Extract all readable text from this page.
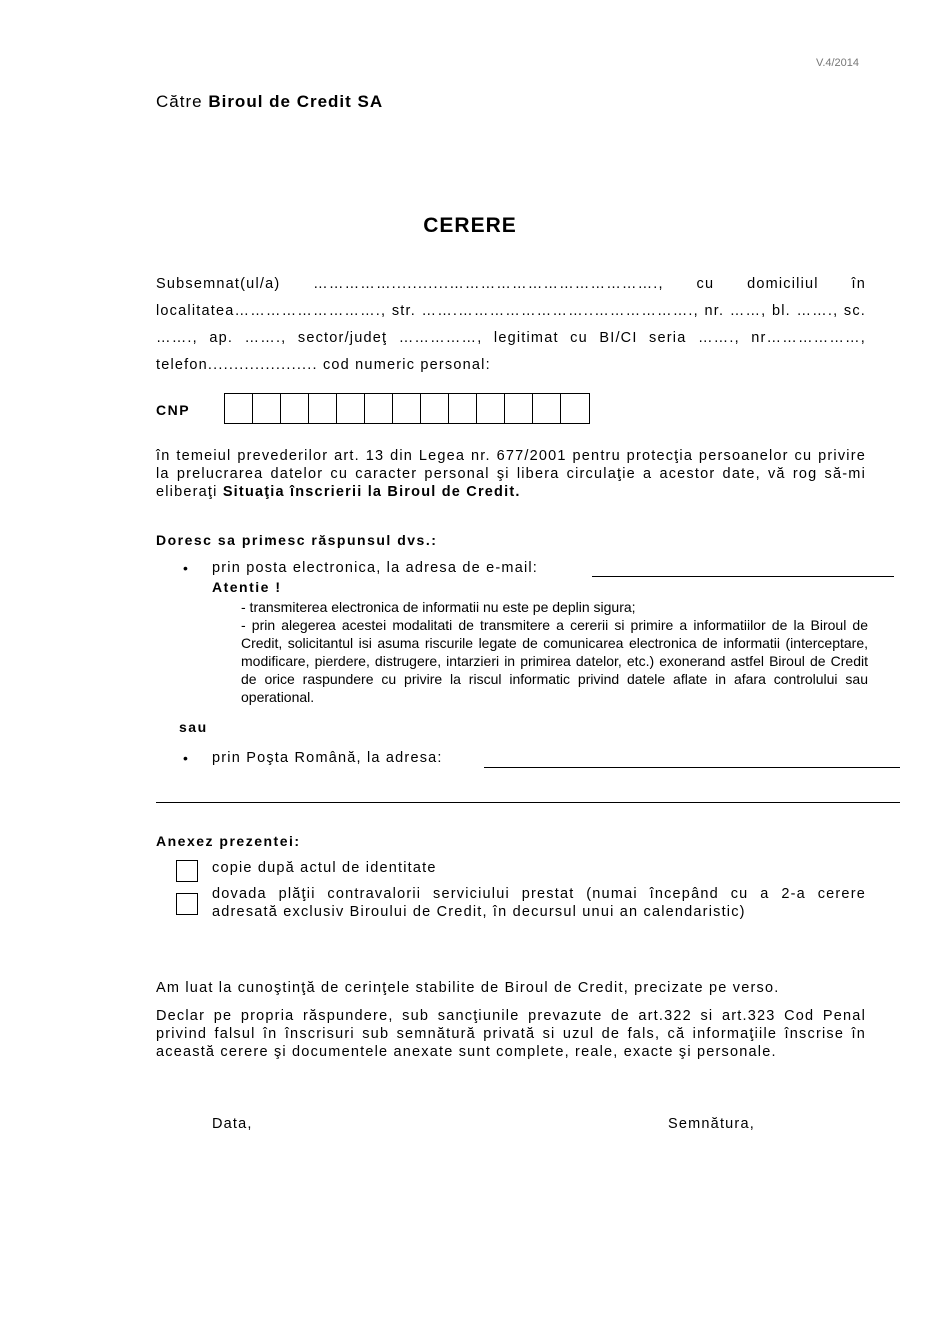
V.4/2014
Către Biroul de Credit SA
CERERE
Subsemnat(ul/a) ……………...........…………………………………., cu domiciliul în localitatea………………………., str. …….……………………..………………., nr. ……, bl. ……., sc. ……., ap. ……., sector/judeţ ……………, legitimat cu BI/CI seria ……., nr………………, telefon..................... cod numeric personal:
CNP
în temeiul prevederilor art. 13 din Legea nr. 677/2001 pentru protecţia persoanelor cu privire la prelucrarea datelor cu caracter personal şi libera circulaţie a acestor date, vă rog să-mi eliberaţi Situaţia înscrierii la Biroul de Credit.
Doresc sa primesc răspunsul dvs.:
• prin posta electronica, la adresa de e-mail:
Atentie !
- transmiterea electronica de informatii nu este pe deplin sigura;
- prin alegerea acestei modalitati de transmitere a cererii si primire a informatiilor de la Biroul de Credit, solicitantul isi asuma riscurile legate de comunicarea electronica de informatii (interceptare, modificare, pierdere, distrugere, intarzieri in primirea datelor, etc.) exonerand astfel Biroul de Credit de orice raspundere cu privire la riscul informatic privind datele aflate in afara controlului sau operational.
sau
• prin Poşta Română, la adresa:
Anexez prezentei:
copie după actul de identitate
dovada plăţii contravalorii serviciului prestat (numai începând cu a 2-a cerere adresată exclusiv Biroului de Credit, în decursul unui an calendaristic)
Am luat la cunoştinţă de cerinţele stabilite de Biroul de Credit, precizate pe verso.
Declar pe propria răspundere, sub sancţiunile prevazute de art.322 si art.323 Cod Penal privind falsul în înscrisuri sub semnătură privată si uzul de fals, că informaţiile înscrise în această cerere şi documentele anexate sunt complete, reale, exacte şi personale.
Data,	Semnătura,
